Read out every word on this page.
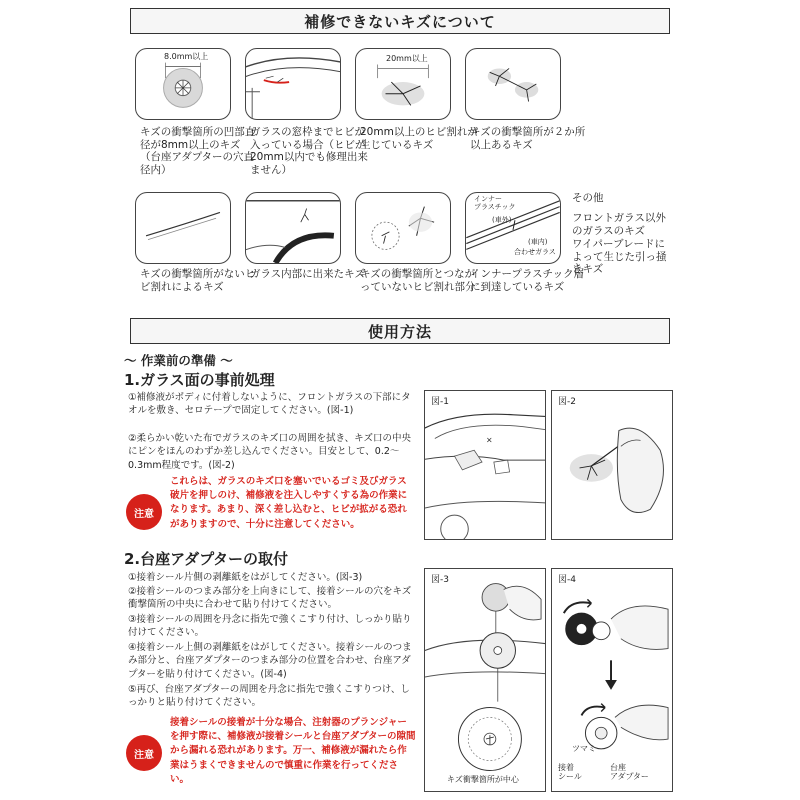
補修できないキズについて
8.0mm以上	20mm以上
キズの衝撃箇所の凹部直径が8mm以上のキズ（台座アダプターの穴直径内）
ガラスの窓枠までヒビが入っている場合（ヒビが20mm以内でも修理出来ません）
20mm以上のヒビ割れが生じているキズ
キズの衝撃箇所が２か所以上あるキズ
インナー
プラスチック
(車外)
(車内)
合わせガラス
キズの衝撃箇所がないヒビ割れによるキズ
ガラス内部に出来たキズ
キズの衝撃箇所とつながっていないヒビ割れ部分
インナープラスチック層に到達しているキズ
その他
フロントガラス以外のガラスのキズ
ワイパーブレードによって生じた引っ掻きキズ
使用方法
～ 作業前の準備 ～
1.ガラス面の事前処理
①補修液がボディに付着しないように、フロントガラスの下部にタオルを敷き、セロテープで固定してください。(図-1)
②柔らかい乾いた布でガラスのキズ口の周囲を拭き、キズ口の中央にピンをほんのわずか差し込んでください。目安として、0.2～0.3mm程度です。(図-2)
注意
これらは、ガラスのキズ口を塞いでいるゴミ及びガラス破片を押しのけ、補修液を注入しやすくする為の作業になります。あまり、深く差し込むと、ヒビが拡がる恐れがありますので、十分に注意してください。
2.台座アダプターの取付
①接着シール片側の剥離紙をはがしてください。(図-3)
②接着シールのつまみ部分を上向きにして、接着シールの穴をキズ衝撃箇所の中央に合わせて貼り付けてください。
③接着シールの周囲を丹念に指先で強くこすり付け、しっかり貼り付けてください。
④接着シール上側の剥離紙をはがしてください。接着シールのつまみ部分と、台座アダプターのつまみ部分の位置を合わせ、台座アダプターを貼り付けてください。(図-4)
⑤再び、台座アダプターの周囲を丹念に指先で強くこすりつけ、しっかりと貼り付けてください。
注意
接着シールの接着が十分な場合、注射器のプランジャーを押す際に、補修液が接着シールと台座アダプターの隙間から漏れる恐れがあります。万一、補修液が漏れたら作業はうまくできませんので慎重に作業を行ってください。
×
図-1	図-2
図-3
キズ衝撃箇所が中心
図-4
ツマミ
接着
シール
台座
アダプター
